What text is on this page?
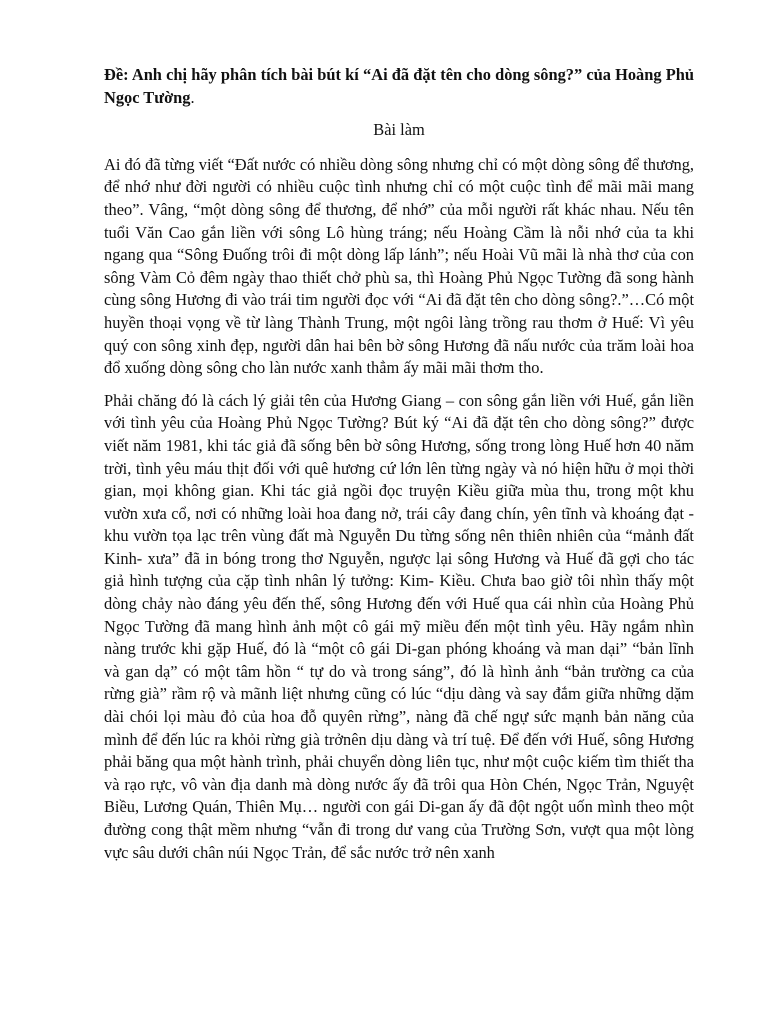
Đề: Anh chị hãy phân tích bài bút kí “Ai đã đặt tên cho dòng sông?” của Hoàng Phủ Ngọc Tường.

Bài làm

Ai đó đã từng viết “Đất nước có nhiều dòng sông nhưng chỉ có một dòng sông để thương, để nhớ như đời người có nhiều cuộc tình nhưng chỉ có một cuộc tình để mãi mãi mang theo”. Vâng, “một dòng sông để thương, để nhớ” của mỗi người rất khác nhau. Nếu tên tuổi Văn Cao gắn liền với sông Lô hùng tráng; nếu Hoàng Cầm là nỗi nhớ của ta khi ngang qua “Sông Đuống trôi đi một dòng lấp lánh”; nếu Hoài Vũ mãi là nhà thơ của con sông Vàm Cỏ đêm ngày thao thiết chở phù sa, thì Hoàng Phủ Ngọc Tường đã song hành cùng sông Hương đi vào trái tim người đọc với “Ai đã đặt tên cho dòng sông?.”…Có một huyền thoại vọng về từ làng Thành Trung, một ngôi làng trồng rau thơm ở Huế: Vì yêu quý con sông xinh đẹp, người dân hai bên bờ sông Hương đã nấu nước của trăm loài hoa đổ xuống dòng sông cho làn nước xanh thẳm ấy mãi mãi thơm tho.

Phải chăng đó là cách lý giải tên của Hương Giang – con sông gắn liền với Huế, gắn liền với tình yêu của Hoàng Phủ Ngọc Tường? Bút ký “Ai đã đặt tên cho dòng sông?” được viết năm 1981, khi tác giả đã sống bên bờ sông Hương, sống trong lòng Huế hơn 40 năm trời, tình yêu máu thịt đối với quê hương cứ lớn lên từng ngày và nó hiện hữu ở mọi thời gian, mọi không gian. Khi tác giả ngồi đọc truyện Kiều giữa mùa thu, trong một khu vườn xưa cổ, nơi có những loài hoa đang nở, trái cây đang chín, yên tĩnh và khoáng đạt - khu vườn tọa lạc trên vùng đất mà Nguyễn Du từng sống nên thiên nhiên của “mảnh đất Kinh- xưa” đã in bóng trong thơ Nguyễn, ngược lại sông Hương và Huế đã gợi cho tác giả hình tượng của cặp tình nhân lý tưởng: Kim- Kiều. Chưa bao giờ tôi nhìn thấy một dòng chảy nào đáng yêu đến thế, sông Hương đến với Huế qua cái nhìn của Hoàng Phủ Ngọc Tường đã mang hình ảnh một cô gái mỹ miều đến một tình yêu. Hãy ngắm nhìn nàng trước khi gặp Huế, đó là “một cô gái Di-gan phóng khoáng và man dại” “bản lĩnh và gan dạ” có một tâm hồn “ tự do và trong sáng”, đó là hình ảnh “bản trường ca của rừng già” rầm rộ và mãnh liệt nhưng cũng có lúc “dịu dàng và say đắm giữa những dặm dài chói lọi màu đỏ của hoa đỗ quyên rừng”, nàng đã chế ngự sức mạnh bản năng của mình để đến lúc ra khỏi rừng già trởnên dịu dàng và trí tuệ. Để đến với Huế, sông Hương phải băng qua một hành trình, phải chuyển dòng liên tục, như một cuộc kiếm tìm thiết tha và rạo rực, vô vàn địa danh mà dòng nước ấy đã trôi qua Hòn Chén, Ngọc Trản, Nguyệt Biều, Lương Quán, Thiên Mụ… người con gái Di-gan ấy đã đột ngột uốn mình theo một đường cong thật mềm nhưng “vẫn đi trong dư vang của Trường Sơn, vượt qua một lòng vực sâu dưới chân núi Ngọc Trản, để sắc nước trở nên xanh
